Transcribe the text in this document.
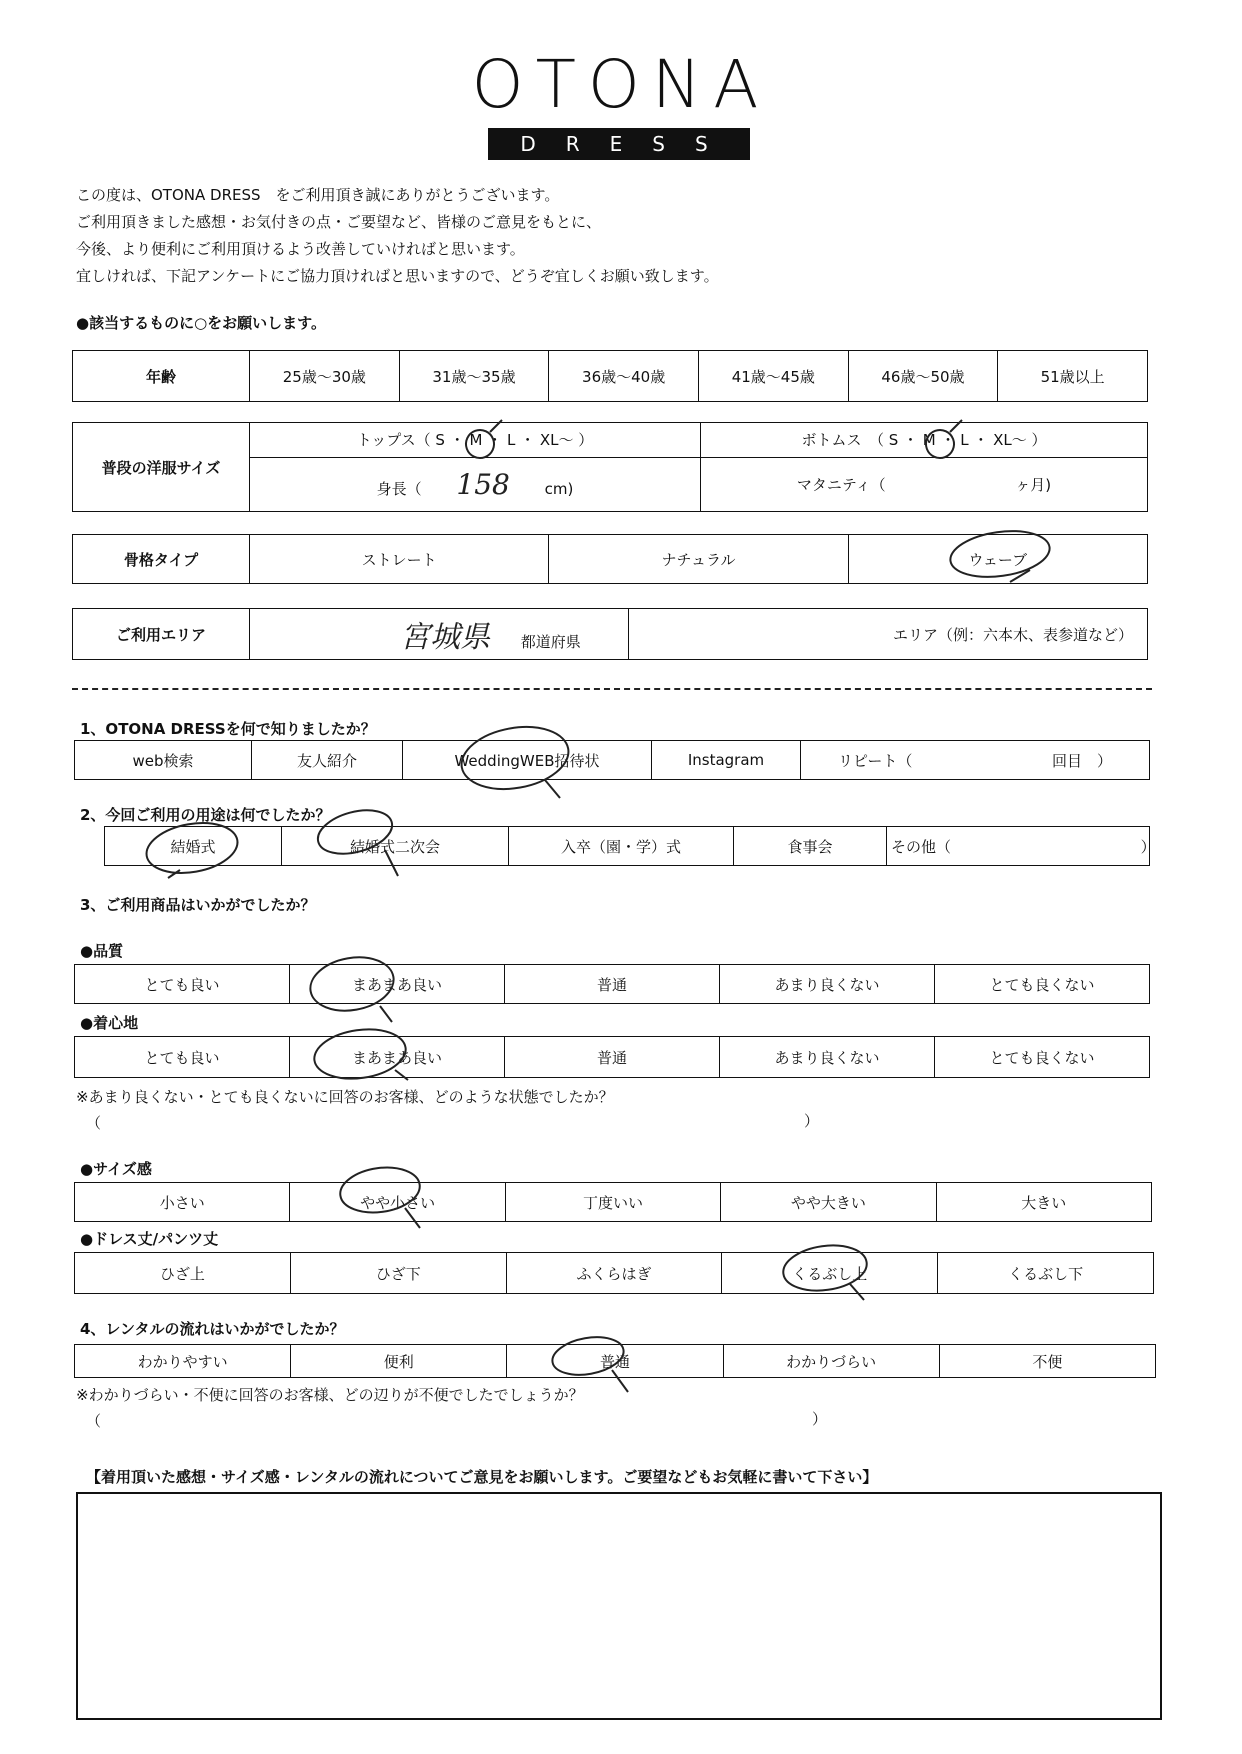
OTONA
DRESS
この度は、OTONA DRESS　をご利用頂き誠にありがとうございます。
ご利用頂きました感想・お気付きの点・ご要望など、皆様のご意見をもとに、
今後、より便利にご利用頂けるよう改善していければと思います。
宜しければ、下記アンケートにご協力頂ければと思いますので、どうぞ宜しくお願い致します。
●該当するものに○をお願いします。
年齢	25歳〜30歳	31歳〜35歳	36歳〜40歳	41歳〜45歳	46歳〜50歳	51歳以上
普段の洋服サイズ	トップス（ S ・ M ・ L ・ XL〜 ）	ボトムス　（ S ・ M ・ L ・ XL〜 ）
	身長（ 158 cm)	マタニティ（ ヶ月)
骨格タイプ	ストレート	ナチュラル	ウェーブ
ご利用エリア	宮城県 都道府県	エリア（例：六本木、表参道など）
1、OTONA DRESSを何で知りましたか？
web検索	友人紹介	WeddingWEB招待状	Instagram	リピート（	回目　）
2、今回ご利用の用途は何でしたか？
結婚式	結婚式二次会	入卒（園・学）式	食事会	その他（	）
3、ご利用商品はいかがでしたか？
●品質
とても良い	まあまあ良い	普通	あまり良くない	とても良くない
●着心地
とても良い	まあまあ良い	普通	あまり良くない	とても良くない
※あまり良くない・とても良くないに回答のお客様、どのような状態でしたか？
（	）
●サイズ感
小さい	やや小さい	丁度いい	やや大きい	大きい
●ドレス丈/パンツ丈
ひざ上	ひざ下	ふくらはぎ	くるぶし上	くるぶし下
4、レンタルの流れはいかがでしたか？
わかりやすい	便利	普通	わかりづらい	不便
※わかりづらい・不便に回答のお客様、どの辺りが不便でしたでしょうか？
（	）
【着用頂いた感想・サイズ感・レンタルの流れについてご意見をお願いします。ご要望などもお気軽に書いて下さい】
